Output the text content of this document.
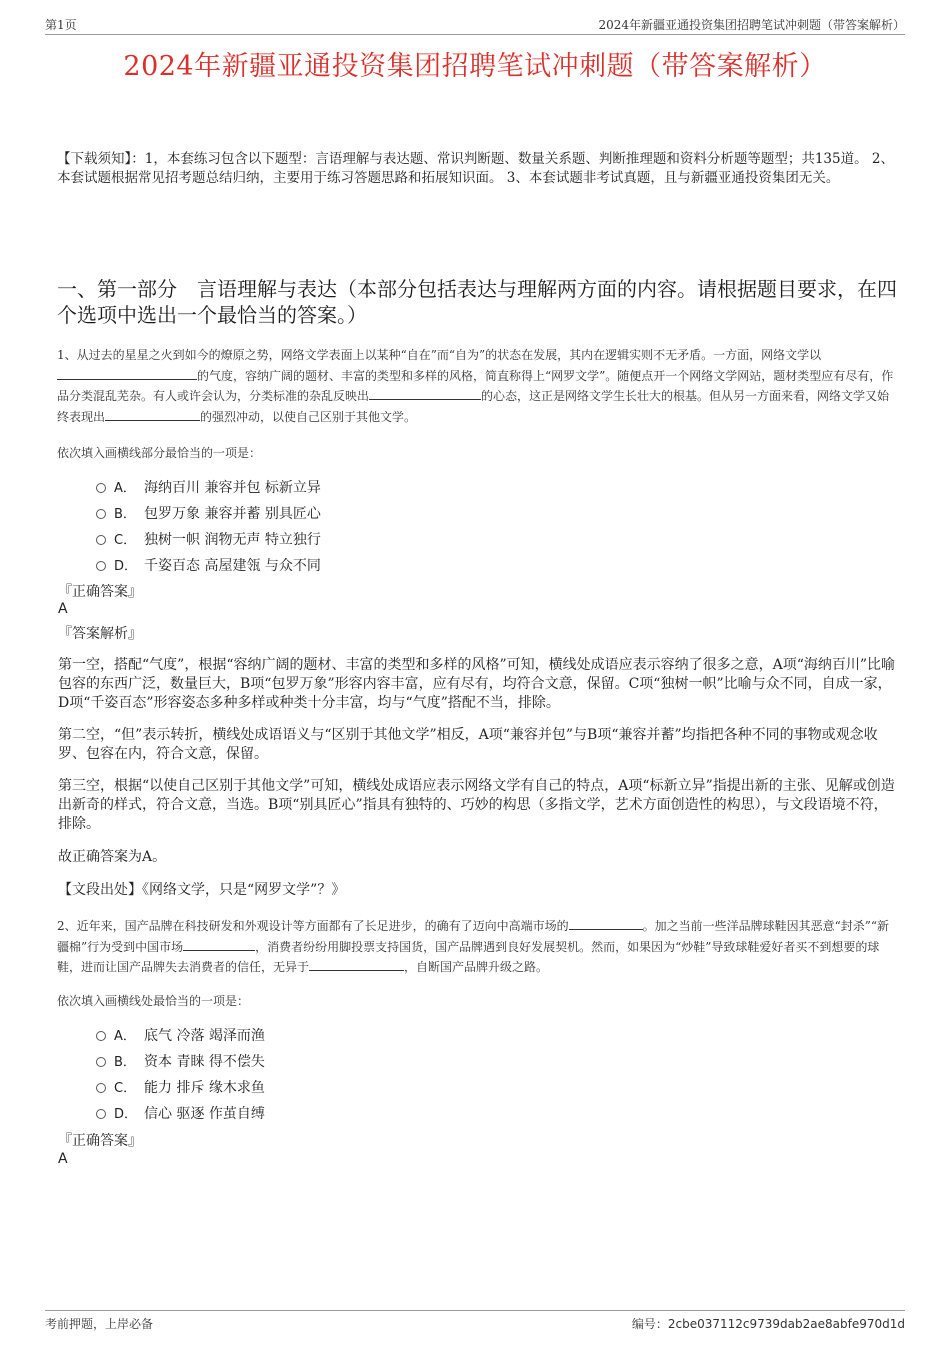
第1页	2024年新疆亚通投资集团招聘笔试冲刺题（带答案解析）
2024年新疆亚通投资集团招聘笔试冲刺题（带答案解析）
【下载须知】：1，本套练习包含以下题型：言语理解与表达题、常识判断题、数量关系题、判断推理题和资料分析题等题型；共135道。 2、本套试题根据常见招考题总结归纳，主要用于练习答题思路和拓展知识面。 3、本套试题非考试真题，且与新疆亚通投资集团无关。
一、第一部分　言语理解与表达（本部分包括表达与理解两方面的内容。请根据题目要求，在四个选项中选出一个最恰当的答案。）
1、从过去的星星之火到如今的燎原之势，网络文学表面上以某种“自在”而“自为”的状态在发展，其内在逻辑实则不无矛盾。一方面，网络文学以的气度，容纳广阔的题材、丰富的类型和多样的风格，简直称得上“网罗文学”。随便点开一个网络文学网站，题材类型应有尽有，作品分类混乱芜杂。有人或许会认为，分类标准的杂乱反映出	的心态，这正是网络文学生长壮大的根基。但从另一方面来看，网络文学又始终表现出	的强烈冲动，以使自己区别于其他文学。
依次填入画横线部分最恰当的一项是：
A． 海纳百川 兼容并包 标新立异
B． 包罗万象 兼容并蓄 别具匠心
C． 独树一帜 润物无声 特立独行
D． 千姿百态 高屋建瓴 与众不同
『正确答案』
A
『答案解析』
第一空，搭配“气度”，根据“容纳广阔的题材、丰富的类型和多样的风格”可知，横线处成语应表示容纳了很多之意，A项“海纳百川”比喻包容的东西广泛，数量巨大，B项“包罗万象”形容内容丰富，应有尽有，均符合文意，保留。C项“独树一帜”比喻与众不同，自成一家，D项“千姿百态”形容姿态多种多样或种类十分丰富，均与“气度”搭配不当，排除。
第二空，“但”表示转折，横线处成语语义与“区别于其他文学”相反，A项“兼容并包”与B项“兼容并蓄”均指把各种不同的事物或观念收罗、包容在内，符合文意，保留。
第三空，根据“以使自己区别于其他文学”可知，横线处成语应表示网络文学有自己的特点，A项“标新立异”指提出新的主张、见解或创造出新奇的样式，符合文意，当选。B项“别具匠心”指具有独特的、巧妙的构思（多指文学，艺术方面创造性的构思），与文段语境不符，排除。
故正确答案为A。
【文段出处】《网络文学，只是“网罗文学”？》
2、近年来，国产品牌在科技研发和外观设计等方面都有了长足进步，的确有了迈向中高端市场的	。加之当前一些洋品牌球鞋因其恶意“封杀”“新疆棉”行为受到中国市场	，消费者纷纷用脚投票支持国货，国产品牌遇到良好发展契机。然而，如果因为“炒鞋”导致球鞋爱好者买不到想要的球鞋，进而让国产品牌失去消费者的信任，无异于	，自断国产品牌升级之路。
依次填入画横线处最恰当的一项是：
A． 底气 冷落 竭泽而渔
B． 资本 青睐 得不偿失
C． 能力 排斥 缘木求鱼
D． 信心 驱逐 作茧自缚
『正确答案』
A
考前押题，上岸必备	编号：2cbe037112c9739dab2ae8abfe970d1d
